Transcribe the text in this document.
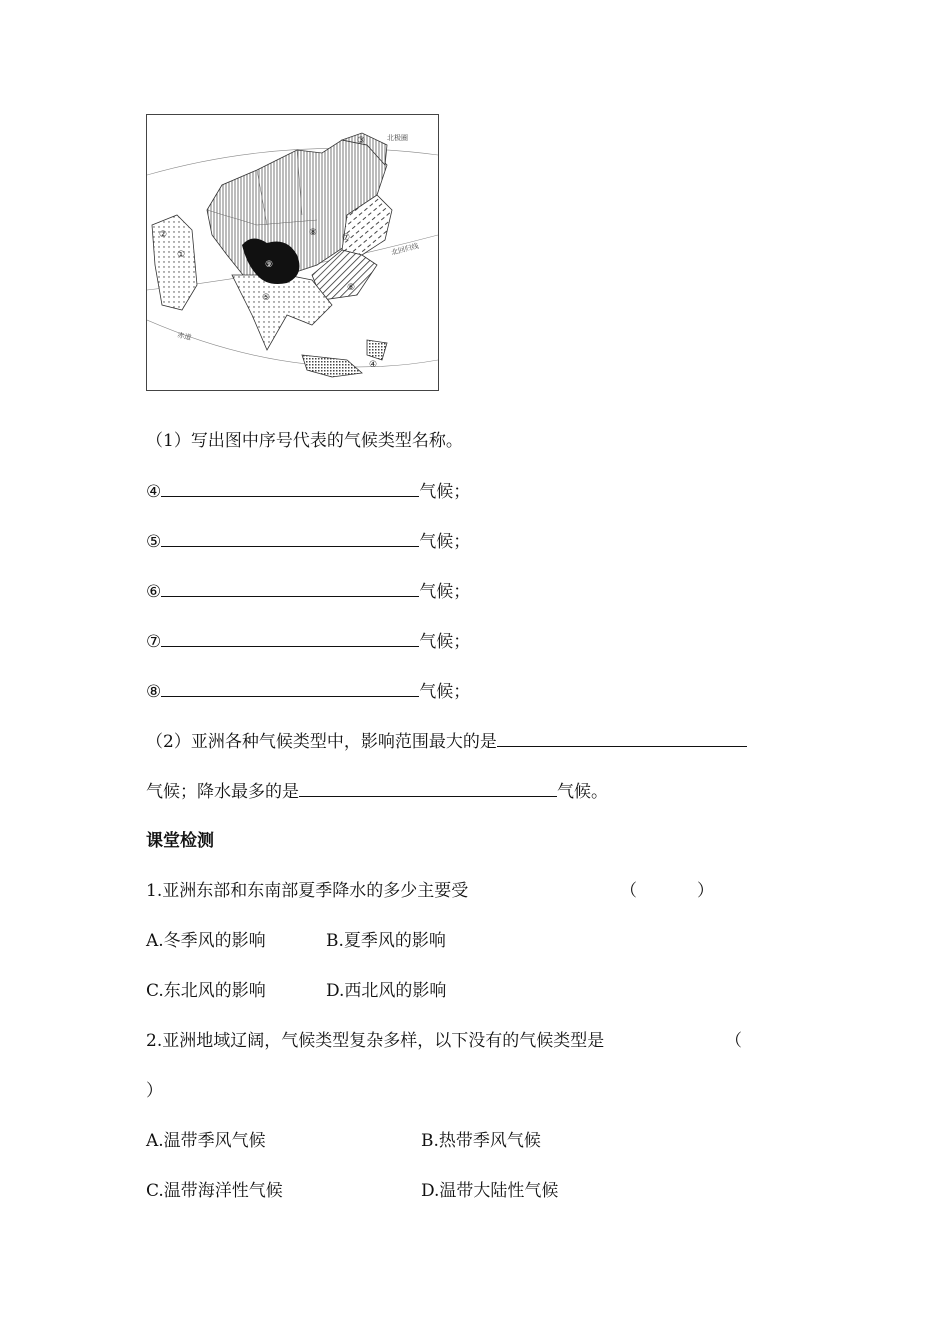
①
②
③
④
⑤
⑥
⑦
⑧
⑨
北极圈
北回归线
赤道
（1）写出图中序号代表的气候类型名称。
④	气候；
⑤	气候；
⑥	气候；
⑦	气候；
⑧	气候；
（2）亚洲各种气候类型中，影响范围最大的是
气候；降水最多的是	气候。
课堂检测
1.亚洲东部和东南部夏季降水的多少主要受	（	）
A.冬季风的影响	B.夏季风的影响
C.东北风的影响	D.西北风的影响
2.亚洲地域辽阔，气候类型复杂多样，以下没有的气候类型是	（
）
A.温带季风气候	B.热带季风气候
C.温带海洋性气候	D.温带大陆性气候
